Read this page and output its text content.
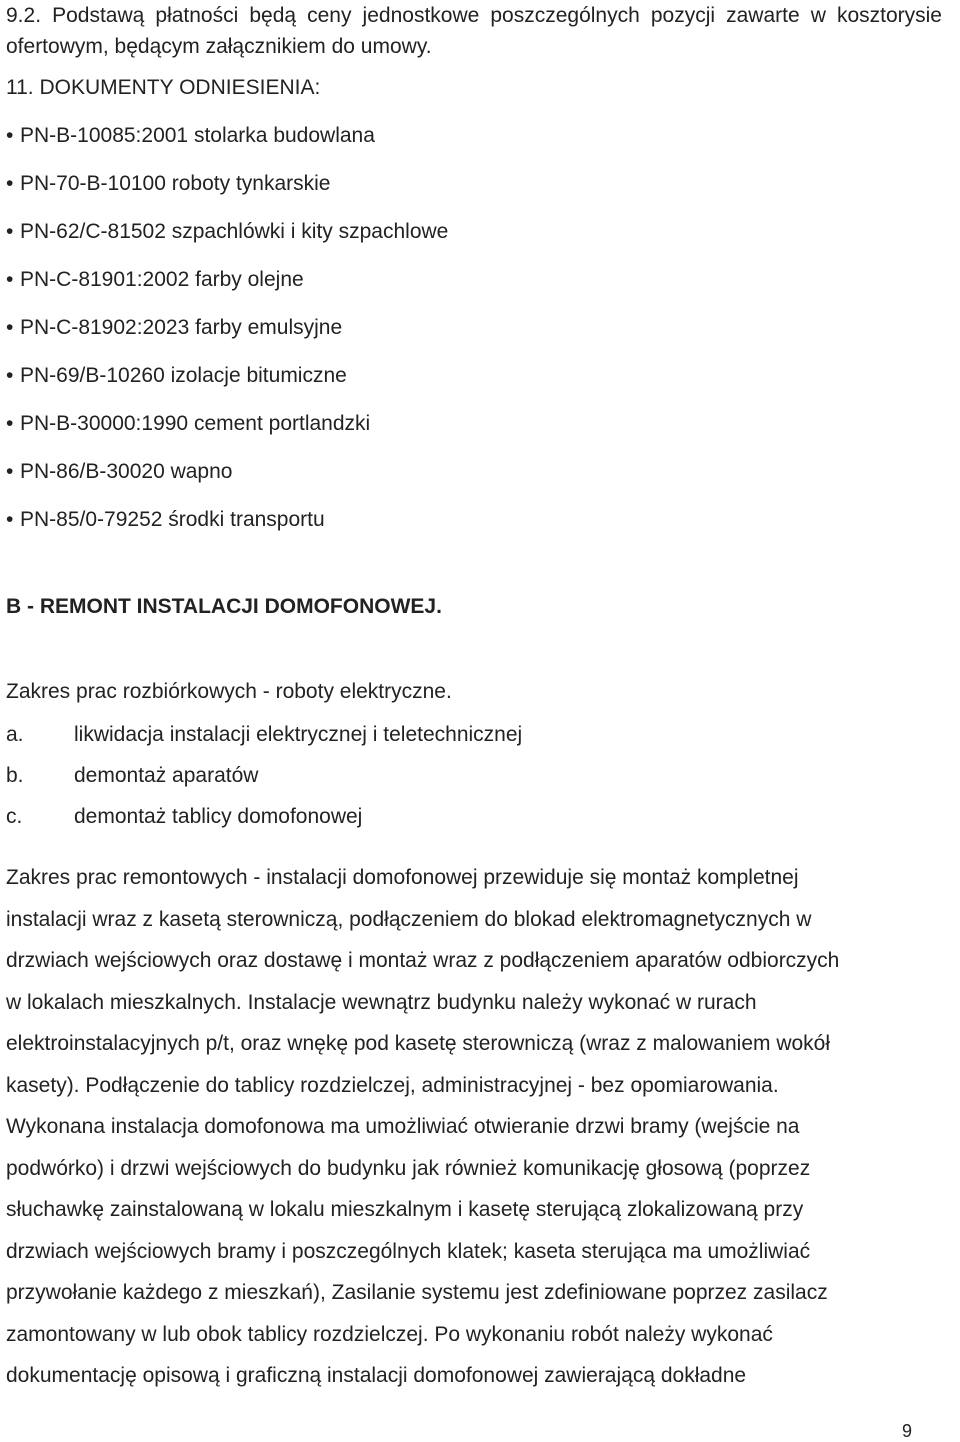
9.2. Podstawą płatności będą ceny jednostkowe poszczególnych pozycji zawarte w kosztorysie ofertowym, będącym załącznikiem do umowy.

11. DOKUMENTY ODNIESIENIA:

• PN-B-10085:2001 stolarka budowlana
• PN-70-B-10100 roboty tynkarskie
• PN-62/C-81502 szpachlówki i kity szpachlowe
• PN-C-81901:2002 farby olejne
• PN-C-81902:2023 farby emulsyjne
• PN-69/B-10260 izolacje bitumiczne
• PN-B-30000:1990 cement portlandzki
• PN-86/B-30020 wapno
• PN-85/0-79252 środki transportu

B - REMONT INSTALACJI DOMOFONOWEJ.

Zakres prac rozbiórkowych - roboty elektryczne.

a.	likwidacja instalacji elektrycznej i teletechnicznej
b.	demontaż aparatów
c.	demontaż tablicy domofonowej
Zakres prac remontowych - instalacji domofonowej przewiduje się montaż kompletnej
instalacji wraz z kasetą sterowniczą, podłączeniem do blokad elektromagnetycznych w
drzwiach wejściowych oraz dostawę i montaż wraz z podłączeniem aparatów odbiorczych
w lokalach mieszkalnych. Instalacje wewnątrz budynku należy wykonać w rurach
elektroinstalacyjnych p/t, oraz wnękę pod kasetę sterowniczą (wraz z malowaniem wokół
kasety). Podłączenie do tablicy rozdzielczej, administracyjnej - bez opomiarowania.
Wykonana instalacja domofonowa ma umożliwiać otwieranie drzwi bramy (wejście na
podwórko) i drzwi wejściowych do budynku jak również komunikację głosową (poprzez
słuchawkę zainstalowaną w lokalu mieszkalnym i kasetę sterującą zlokalizowaną przy
drzwiach wejściowych bramy i poszczególnych klatek; kaseta sterująca ma umożliwiać
przywołanie każdego z mieszkań), Zasilanie systemu jest zdefiniowane poprzez zasilacz
zamontowany w lub obok tablicy rozdzielczej. Po wykonaniu robót należy wykonać
dokumentację opisową i graficzną instalacji domofonowej zawierającą dokładne
9
